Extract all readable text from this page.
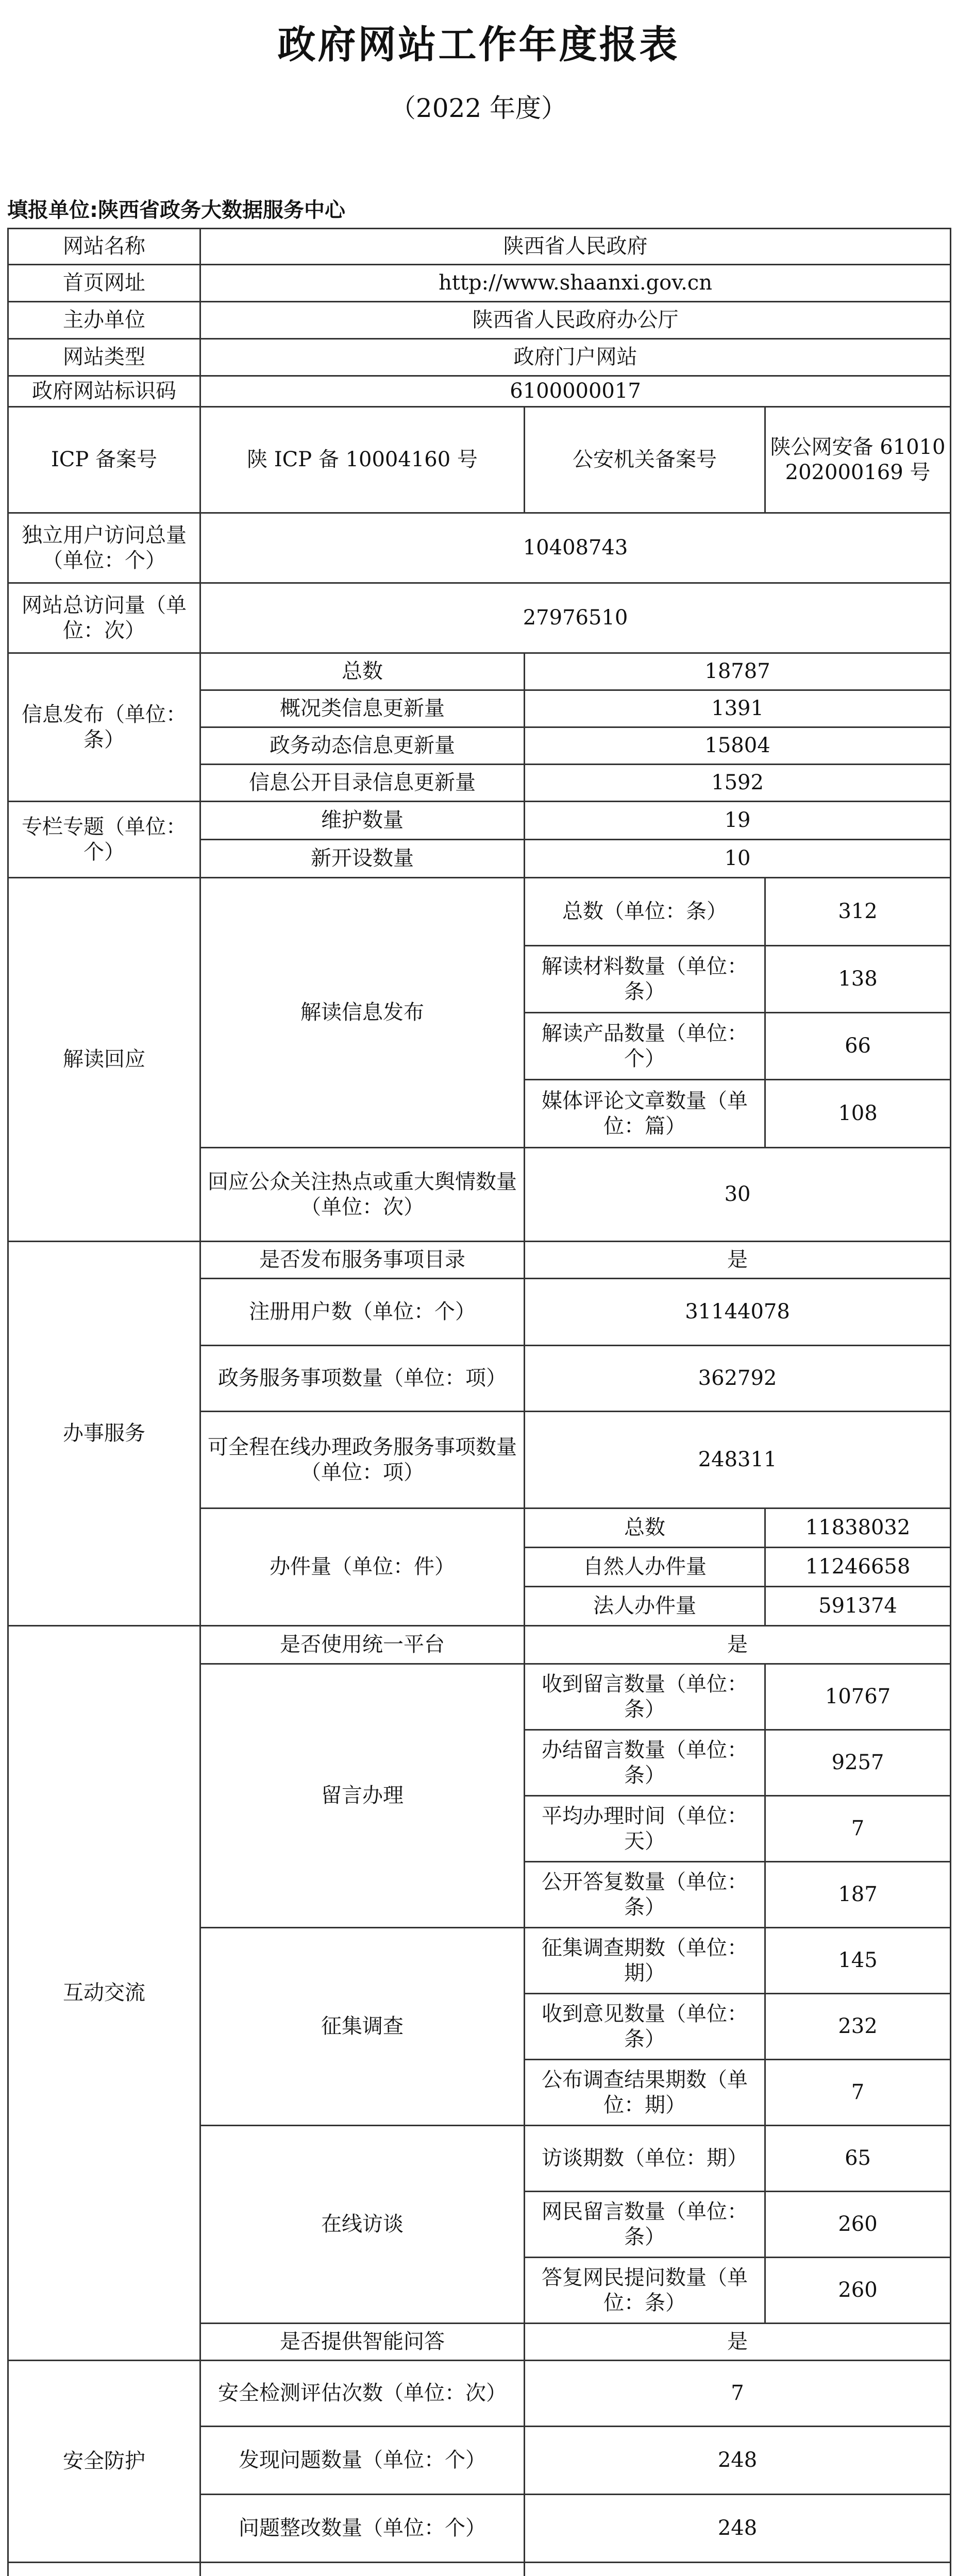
政府网站工作年度报表
（2022 年度）
填报单位:陕西省政务大数据服务中心
网站名称	陕西省人民政府			
首页网址	http://www.shaanxi.gov.cn			
主办单位	陕西省人民政府办公厅			
网站类型	政府门户网站			
政府网站标识码	6100000017			
ICP 备案号	陕 ICP 备 10004160 号	公安机关备案号		陕公网安备 61010202000169 号
独立用户访问总量（单位：个）	10408743			
网站总访问量（单位：次）	27976510			
信息发布（单位：条）	总数	18787		
	概况类信息更新量	1391		
	政务动态信息更新量	15804		
	信息公开目录信息更新量	1592		
专栏专题（单位：个）	维护数量	19		
	新开设数量	10		
解读回应	解读信息发布	总数（单位：条）		312
		解读材料数量（单位：条）		138
		解读产品数量（单位：个）		66
		媒体评论文章数量（单位：篇）		108
	回应公众关注热点或重大舆情数量（单位：次）	30		
办事服务	是否发布服务事项目录	是		
	注册用户数（单位：个）	31144078		
	政务服务事项数量（单位：项）	362792		
	可全程在线办理政务服务事项数量（单位：项）	248311		
	办件量（单位：件）	总数		11838032
		自然人办件量		11246658
		法人办件量		591374
互动交流	是否使用统一平台	是		
	留言办理	收到留言数量（单位：条）		10767
		办结留言数量（单位：条）		9257
		平均办理时间（单位：天）		7
		公开答复数量（单位：条）		187
	征集调查	征集调查期数（单位：期）		145
		收到意见数量（单位：条）		232
		公布调查结果期数（单位：期）		7
	在线访谈	访谈期数（单位：期）		65
		网民留言数量（单位：条）		260
		答复网民提问数量（单位：条）		260
	是否提供智能问答	是		

安全防护	安全检测评估次数（单位：次）	7		
	发现问题数量（单位：个）	248		
	问题整改数量（单位：个）	248		
